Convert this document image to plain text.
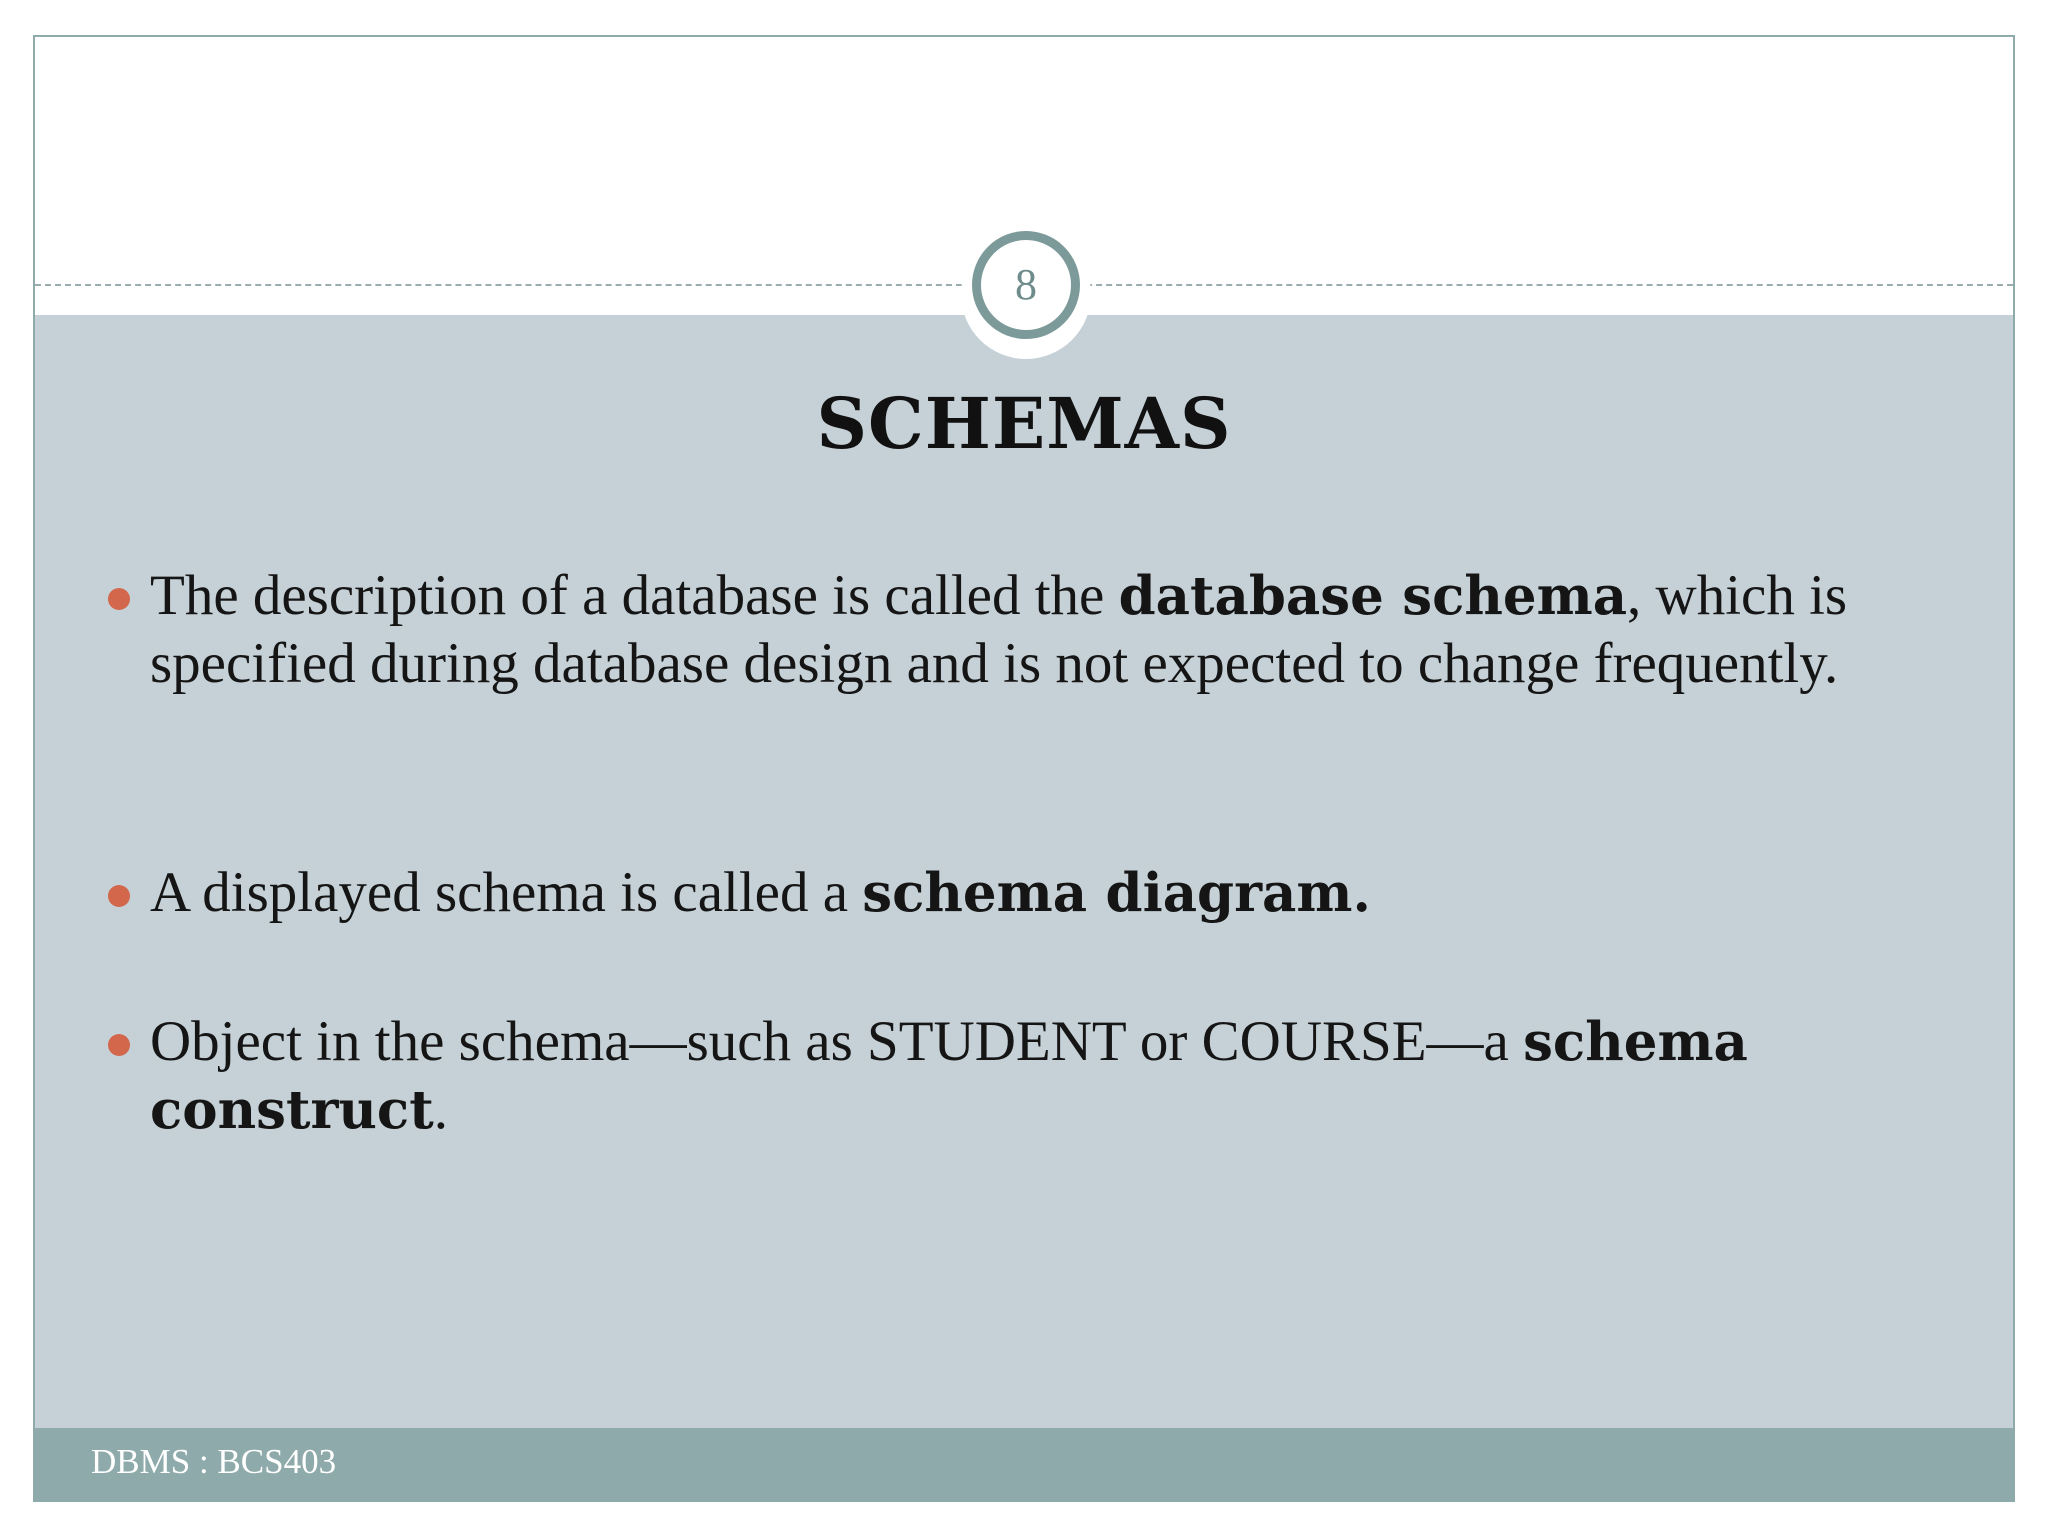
8
SCHEMAS
The description of a database is called the database schema, which is specified during database design and is not expected to change frequently.
A displayed schema is called a schema diagram.
Object in the schema—such as STUDENT or COURSE—a schema construct.
DBMS : BCS403
